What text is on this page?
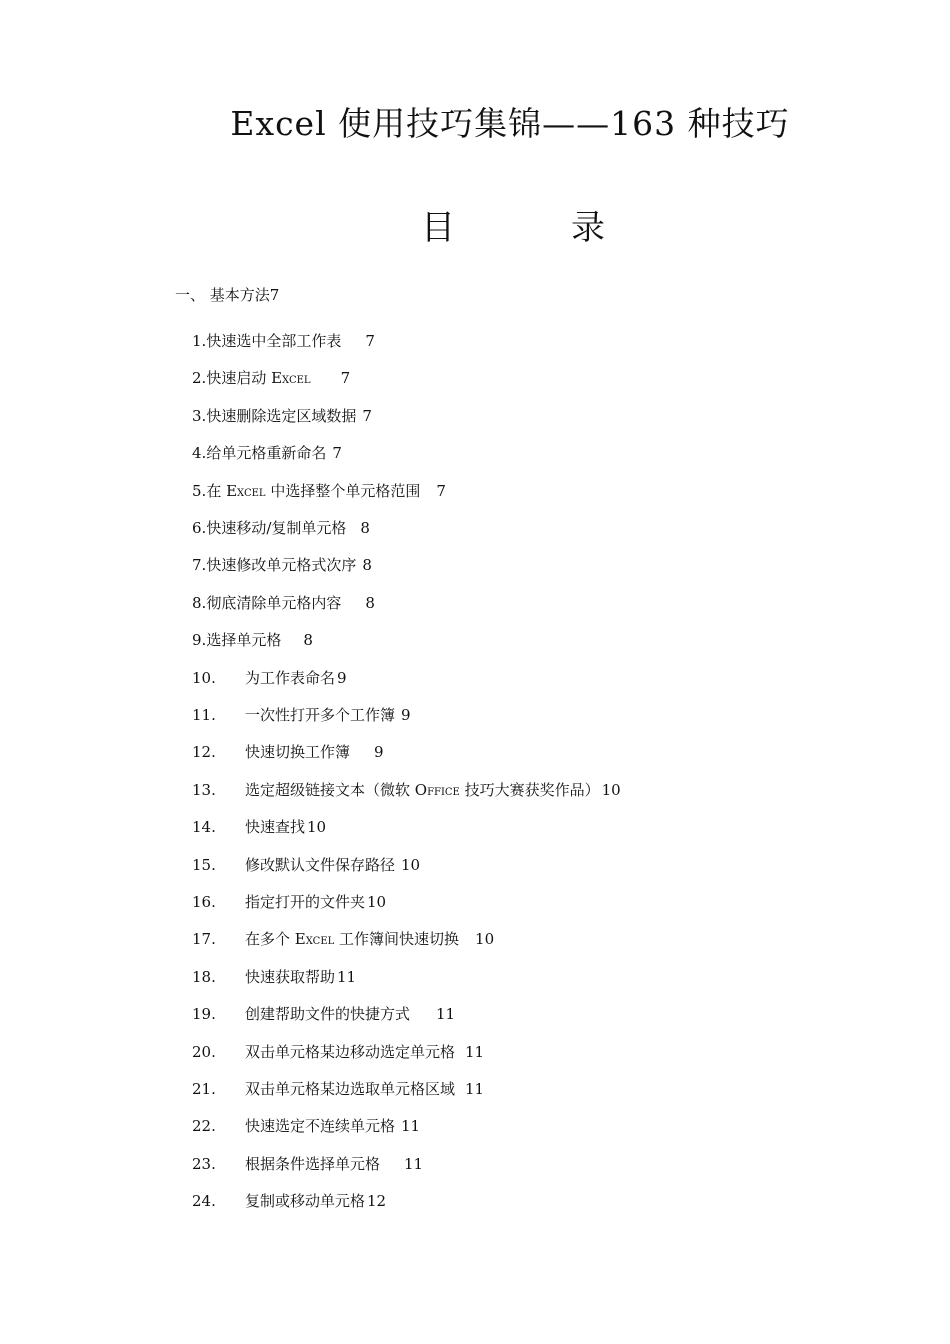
Excel 使用技巧集锦——163 种技巧
目	录
一、 基本方法7
1.快速选中全部工作表 7
2.快速启动 EXCEL 7
3.快速删除选定区域数据 7
4.给单元格重新命名 7
5.在 EXCEL 中选择整个单元格范围 7
6.快速移动/复制单元格 8
7.快速修改单元格式次序 8
8.彻底清除单元格内容 8
9.选择单元格 8
10. 为工作表命名 9
11. 一次性打开多个工作簿 9
12. 快速切换工作簿 9
13. 选定超级链接文本（微软 OFFICE 技巧大赛获奖作品） 10
14. 快速查找 10
15. 修改默认文件保存路径 10
16. 指定打开的文件夹 10
17. 在多个 EXCEL 工作簿间快速切换 10
18. 快速获取帮助 11
19. 创建帮助文件的快捷方式 11
20. 双击单元格某边移动选定单元格 11
21. 双击单元格某边选取单元格区域 11
22. 快速选定不连续单元格 11
23. 根据条件选择单元格 11
24. 复制或移动单元格 12
